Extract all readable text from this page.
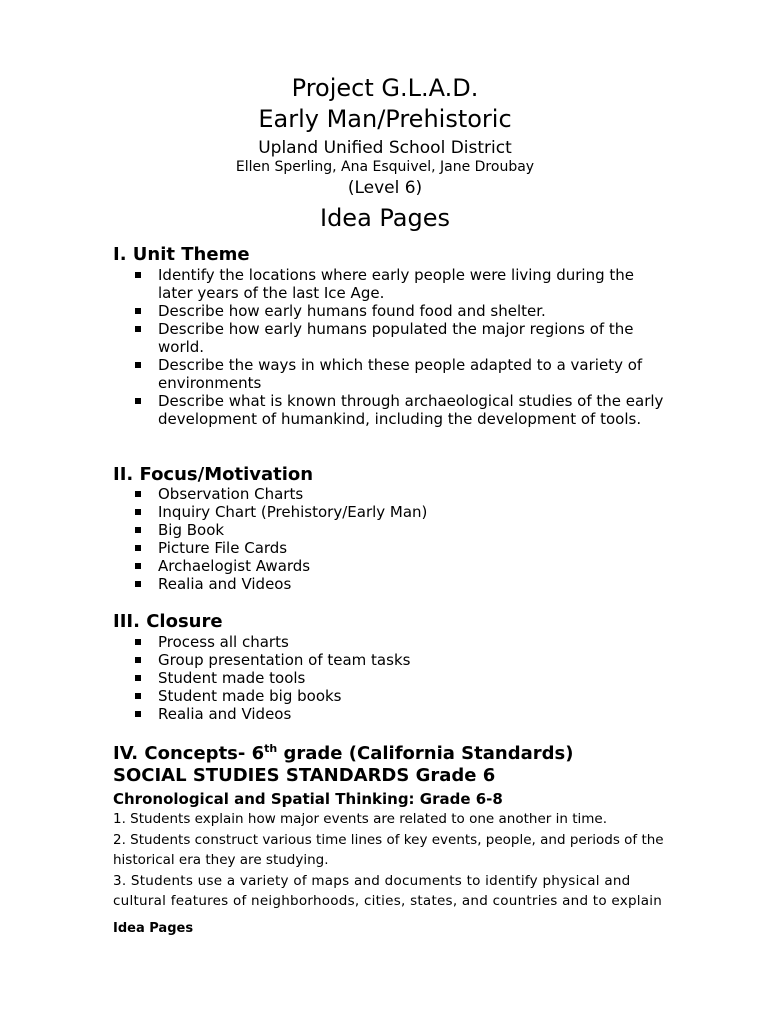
Project G.L.A.D.
Early Man/Prehistoric
Upland Unified School District
Ellen Sperling, Ana Esquivel, Jane Droubay
(Level 6)
Idea Pages
I. Unit Theme
Identify the locations where early people were living during the later years of the last Ice Age.
Describe how early humans found food and shelter.
Describe how early humans populated the major regions of the world.
Describe the ways in which these people adapted to a variety of environments
Describe what is known through archaeological studies of the early development of humankind, including the development of tools.
II. Focus/Motivation
Observation Charts
Inquiry Chart (Prehistory/Early Man)
Big Book
Picture File Cards
Archaelogist Awards
Realia and Videos
III. Closure
Process all charts
Group presentation of team tasks
Student made tools
Student made big books
Realia and Videos
IV. Concepts- 6th grade (California Standards)
SOCIAL STUDIES STANDARDS Grade 6
Chronological and Spatial Thinking: Grade 6-8

1. Students explain how major events are related to one another in time.

2. Students construct various time lines of key events, people, and periods of the historical era they are studying.

3. Students use a variety of maps and documents to identify physical and cultural features of neighborhoods, cities, states, and countries and to explain

Idea Pages
